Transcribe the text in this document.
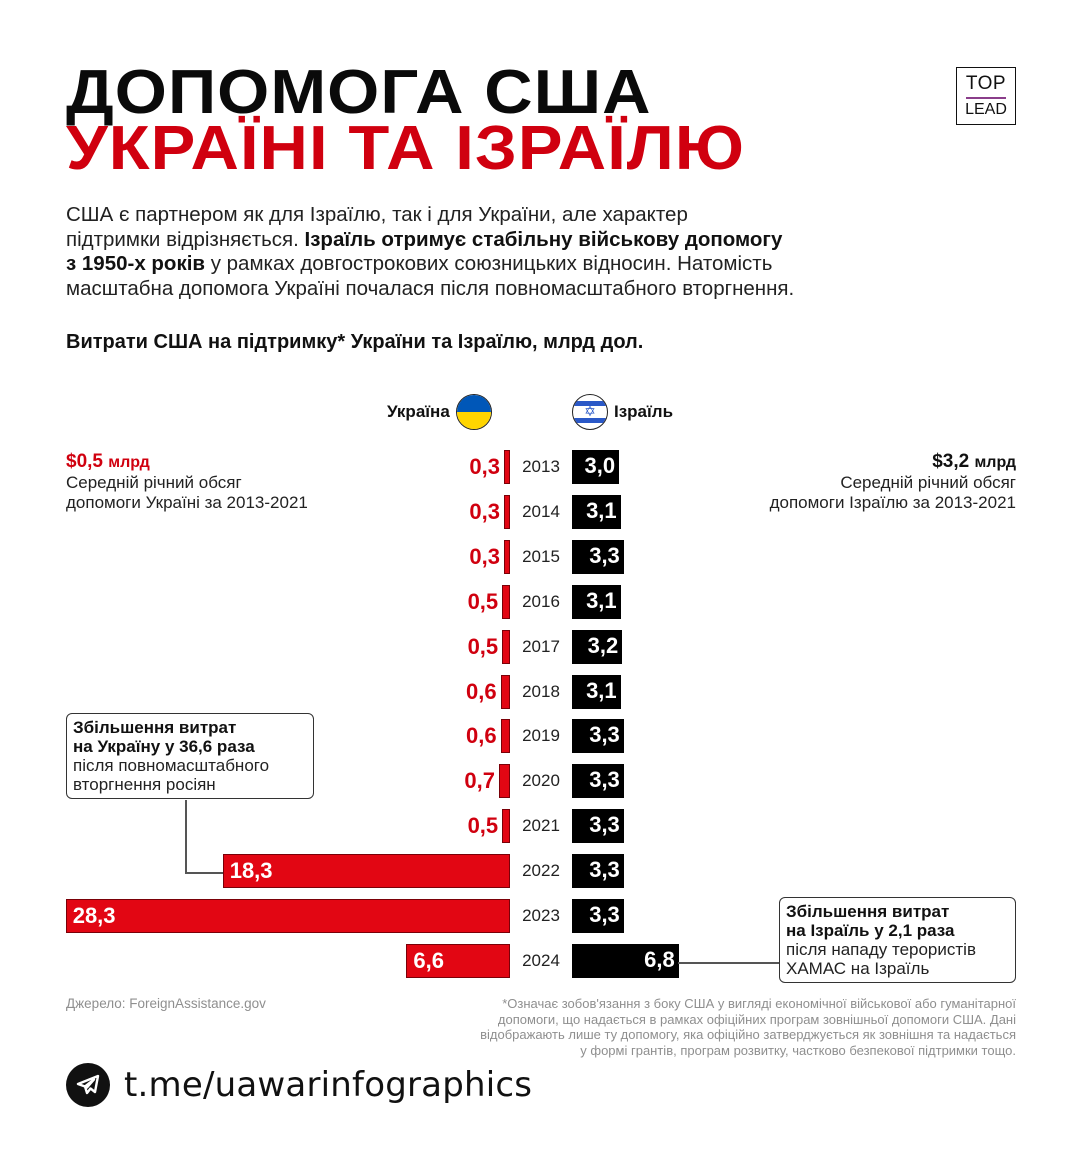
ДОПОМОГА США
УКРАЇНІ ТА ІЗРАЇЛЮ
TOP
LEAD
США є партнером як для Ізраїлю, так і для України, але характер
підтримки відрізняється. Ізраїль отримує стабільну військову допомогу
з 1950-х років у рамках довгострокових союзницьких відносин. Натомість
масштабна допомога Україні почалася після повномасштабного вторгнення.
Витрати США на підтримку* України та Ізраїлю, млрд дол.
Україна	✡	Ізраїль
$0,5 млрд
Середній річний обсяг
допомоги Україні за 2013-2021
$3,2 млрд
Середній річний обсяг
допомоги Ізраїлю за 2013-2021
0,3	2013	3,0
0,3	2014	3,1
0,3	2015	3,3
0,5	2016	3,1
0,5	2017	3,2
0,6	2018	3,1
0,6	2019	3,3
0,7	2020	3,3
0,5	2021	3,3
18,3	2022	3,3
28,3	2023	3,3
6,6	2024	6,8
Збільшення витрат
на Україну у 36,6 раза
після повномасштабного
вторгнення росіян
Збільшення витрат
на Ізраїль у 2,1 раза
після нападу терористів
ХАМАС на Ізраїль
Джерело: ForeignAssistance.gov	*Означає зобов'язання з боку США у вигляді економічної військової або гуманітарної
допомоги, що надається в рамках офіційних програм зовнішньої допомоги США. Дані
відображають лише ту допомогу, яка офіційно затверджується як зовнішня та надається
у формі грантів, програм розвитку, частково безпекової підтримки тощо.
t.me/uawarinfographics
